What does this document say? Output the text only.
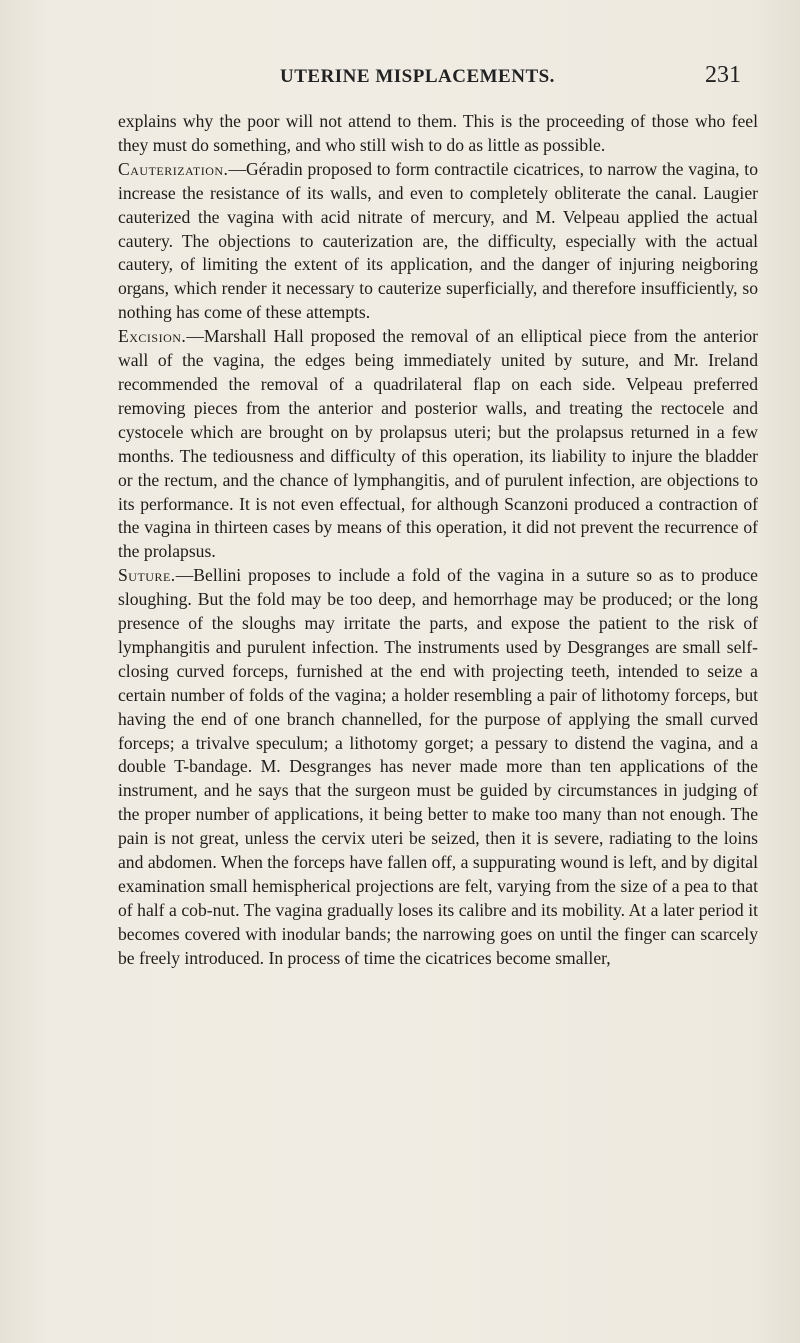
UTERINE MISPLACEMENTS.	231

explains why the poor will not attend to them. This is the proceeding of those who feel they must do something, and who still wish to do as little as possible.

Cauterization.—Géradin proposed to form contractile cicatrices, to narrow the vagina, to increase the resistance of its walls, and even to completely obliterate the canal. Laugier cauterized the vagina with acid nitrate of mercury, and M. Velpeau applied the actual cautery. The objections to cauterization are, the difficulty, especially with the actual cautery, of limiting the extent of its application, and the danger of injuring neigboring organs, which render it necessary to cauterize superficially, and therefore insufficiently, so nothing has come of these attempts.

Excision.—Marshall Hall proposed the removal of an elliptical piece from the anterior wall of the vagina, the edges being immediately united by suture, and Mr. Ireland recommended the removal of a quadrilateral flap on each side. Velpeau preferred removing pieces from the anterior and posterior walls, and treating the rectocele and cystocele which are brought on by prolapsus uteri; but the prolapsus returned in a few months. The tediousness and difficulty of this operation, its liability to injure the bladder or the rectum, and the chance of lymphangitis, and of purulent infection, are objections to its performance. It is not even effectual, for although Scanzoni produced a contraction of the vagina in thirteen cases by means of this operation, it did not prevent the recurrence of the prolapsus.

Suture.—Bellini proposes to include a fold of the vagina in a suture so as to produce sloughing. But the fold may be too deep, and hemorrhage may be produced; or the long presence of the sloughs may irritate the parts, and expose the patient to the risk of lymphangitis and purulent infection. The instruments used by Desgranges are small self-closing curved forceps, furnished at the end with projecting teeth, intended to seize a certain number of folds of the vagina; a holder resembling a pair of lithotomy forceps, but having the end of one branch channelled, for the purpose of applying the small curved forceps; a trivalve speculum; a lithotomy gorget; a pessary to distend the vagina, and a double T-bandage. M. Desgranges has never made more than ten applications of the instrument, and he says that the surgeon must be guided by circumstances in judging of the proper number of applications, it being better to make too many than not enough. The pain is not great, unless the cervix uteri be seized, then it is severe, radiating to the loins and abdomen. When the forceps have fallen off, a suppurating wound is left, and by digital examination small hemispherical projections are felt, varying from the size of a pea to that of half a cob-nut. The vagina gradually loses its calibre and its mobility. At a later period it becomes covered with inodular bands; the narrowing goes on until the finger can scarcely be freely introduced. In process of time the cicatrices become smaller,
